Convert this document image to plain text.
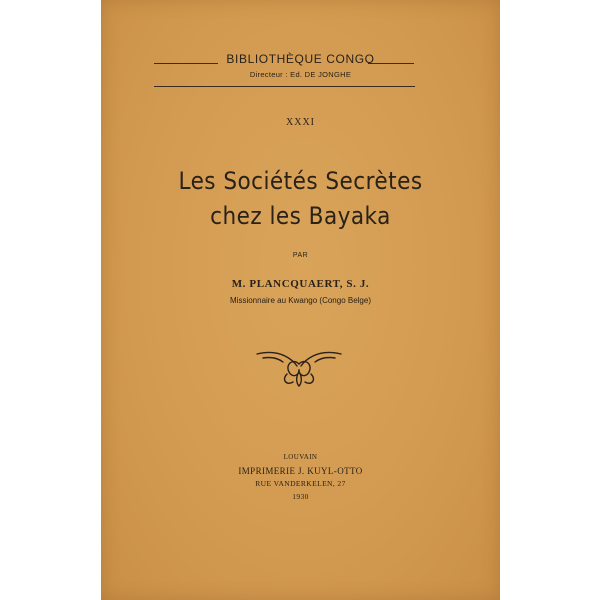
BIBLIOTHÈQUE CONGO
Directeur : Ed. DE JONGHE
XXXI
Les Sociétés Secrètes
chez les Bayaka
PAR
M. PLANCQUAERT, S. J.
Missionnaire au Kwango (Congo Belge)
LOUVAIN
IMPRIMERIE J. KUYL-OTTO
RUE VANDERKELEN, 27
1930
